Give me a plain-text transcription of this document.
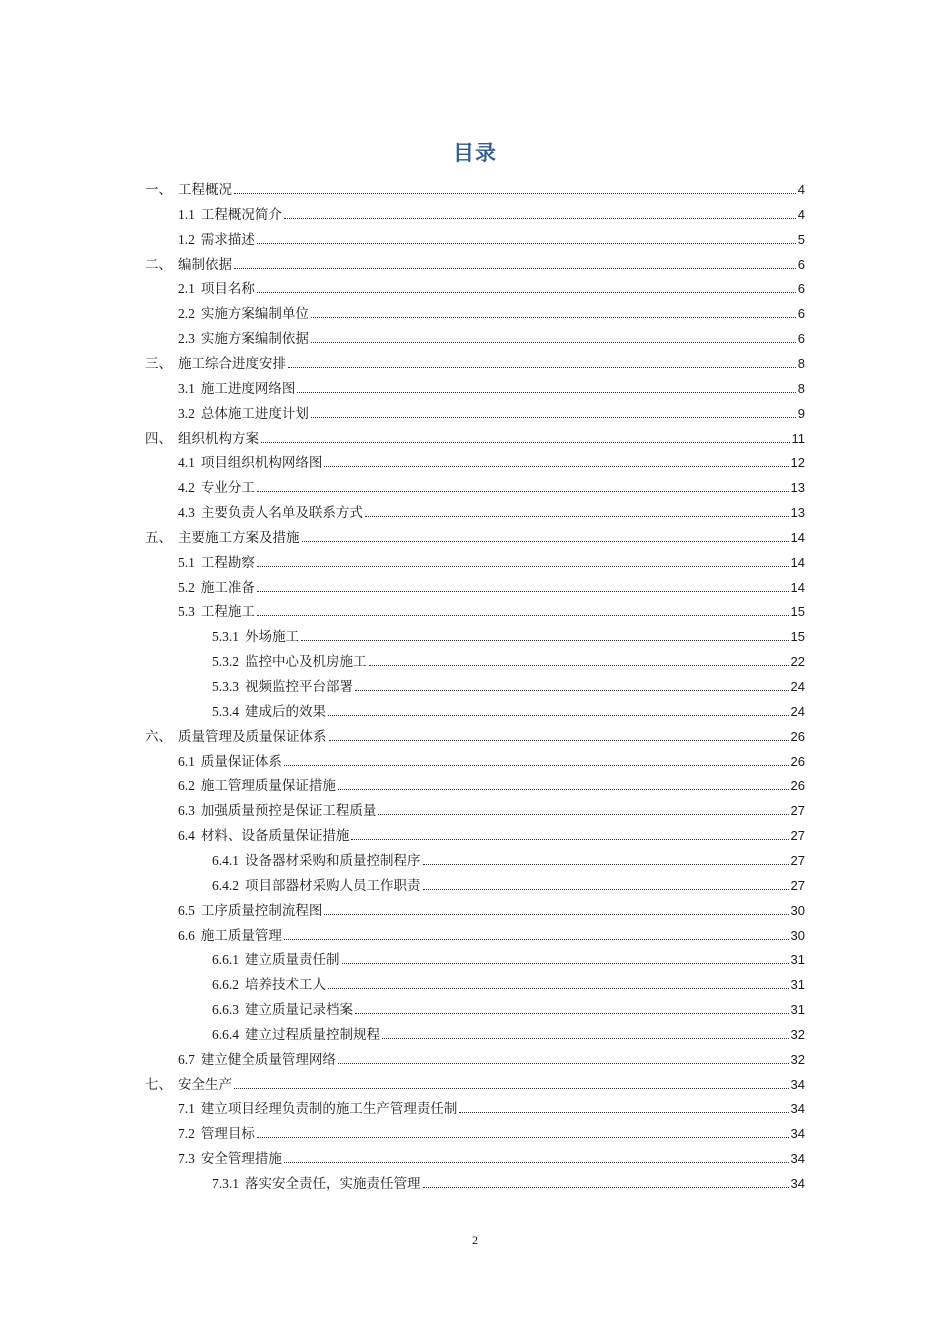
目录
一、 工程概况	4
1.1 工程概况简介	4
1.2 需求描述	5
二、 编制依据	6
2.1 项目名称	6
2.2 实施方案编制单位	6
2.3 实施方案编制依据	6
三、 施工综合进度安排	8
3.1 施工进度网络图	8
3.2 总体施工进度计划	9
四、 组织机构方案	11
4.1 项目组织机构网络图	12
4.2 专业分工	13
4.3 主要负责人名单及联系方式	13
五、 主要施工方案及措施	14
5.1 工程勘察	14
5.2 施工准备	14
5.3 工程施工	15
5.3.1 外场施工	15
5.3.2 监控中心及机房施工	22
5.3.3 视频监控平台部署	24
5.3.4 建成后的效果	24
六、 质量管理及质量保证体系	26
6.1 质量保证体系	26
6.2 施工管理质量保证措施	26
6.3 加强质量预控是保证工程质量	27
6.4 材料、设备质量保证措施	27
6.4.1 设备器材采购和质量控制程序	27
6.4.2 项目部器材采购人员工作职责	27
6.5 工序质量控制流程图	30
6.6 施工质量管理	30
6.6.1 建立质量责任制	31
6.6.2 培养技术工人	31
6.6.3 建立质量记录档案	31
6.6.4 建立过程质量控制规程	32
6.7 建立健全质量管理网络	32
七、 安全生产	34
7.1 建立项目经理负责制的施工生产管理责任制	34
7.2 管理目标	34
7.3 安全管理措施	34
7.3.1 落实安全责任，实施责任管理	34
2
